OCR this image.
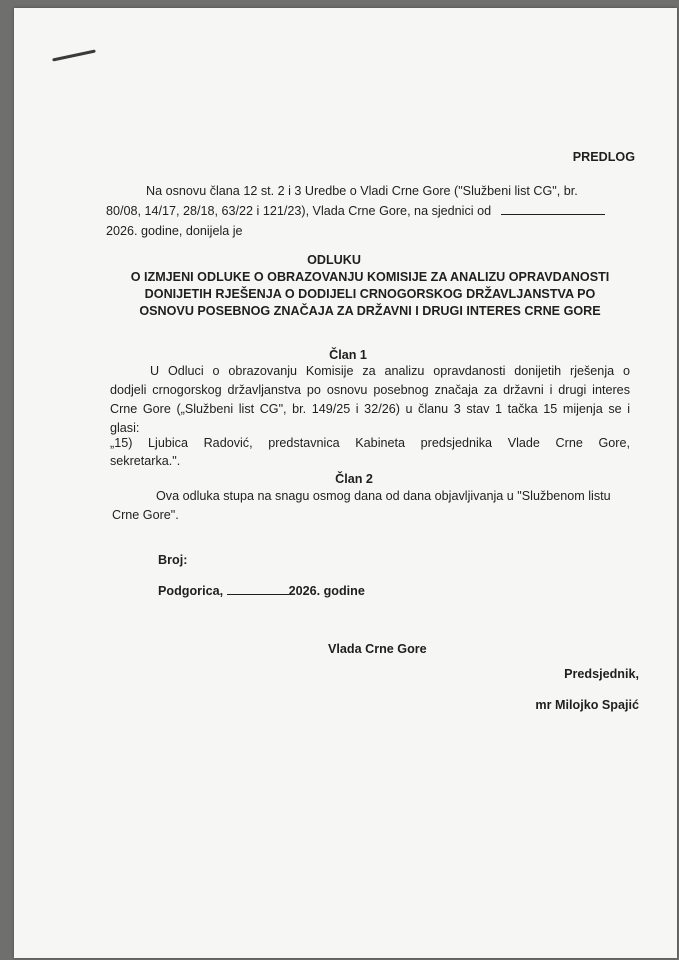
PREDLOG
Na osnovu člana 12 st. 2 i 3 Uredbe o Vladi Crne Gore ("Službeni list CG", br.
80/08, 14/17, 28/18, 63/22 i 121/23), Vlada Crne Gore, na sjednici od
2026. godine, donijela je
ODLUKU
O IZMJENI ODLUKE O OBRAZOVANJU KOMISIJE ZA ANALIZU OPRAVDANOSTI
DONIJETIH RJEŠENJA O DODIJELI CRNOGORSKOG DRŽAVLJANSTVA PO
OSNOVU POSEBNOG ZNAČAJA ZA DRŽAVNI I DRUGI INTERES CRNE GORE
Član 1
U Odluci o obrazovanju Komisije za analizu opravdanosti donijetih rješenja o
dodjeli crnogorskog državljanstva po osnovu posebnog značaja za državni i drugi interes
Crne Gore („Službeni list CG", br. 149/25 i 32/26) u članu 3 stav 1 tačka 15 mijenja se i
glasi:
„15) Ljubica Radović, predstavnica Kabineta predsjednika Vlade Crne Gore,
sekretarka.".
Član 2
Ova odluka stupa na snagu osmog dana od dana objavljivanja u "Službenom listu
Crne Gore".
Broj:
Podgorica,	2026. godine
Vlada Crne Gore
Predsjednik,
mr Milojko Spajić
